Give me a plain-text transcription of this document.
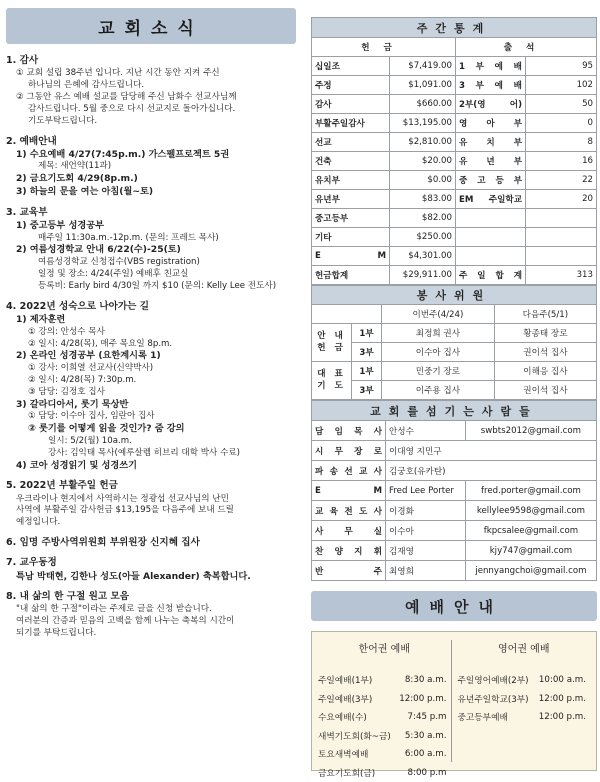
교회소식
1. 감사
① 교회 설립 38주년 입니다. 지난 시간 동안 지켜 주신
하나님의 은혜에 감사드립니다.
② 그동안 유스 예배 설교를 담당해 주신 남화수 선교사님께
감사드립니다. 5월 중으로 다시 선교지로 돌아가십니다.
기도부탁드립니다.
2. 예배안내
1) 수요예배 4/27(7:45p.m.) 가스펠프로젝트 5권
제목: 새언약(11과)
2) 금요기도회 4/29(8p.m.)
3) 하늘의 문을 여는 아침(월~토)
3. 교육부
1) 중고등부 성경공부
매주일 11:30a.m.-12p.m. (문의: 프레드 목사)
2) 여름성경학교 안내 6/22(수)-25(토)
여름성경학교 신청접수(VBS registration)
일정 및 장소: 4/24(주일) 예배후 친교실
등록비: Early bird 4/30일 까지 $10 (문의: Kelly Lee 전도사)
4. 2022년 성숙으로 나아가는 길
1) 제자훈련
① 강의: 안성수 목사
② 일시: 4/28(목), 매주 목요일 8p.m.
2) 온라인 성경공부 (요한계시록 1)
① 강사: 이희열 선교사(신약박사)
② 일시: 4/28(목) 7:30p.m.
③ 담당: 김정호 집사
3) 갈라디아서, 룻기 묵상반
① 담당: 이수아 집사, 임란아 집사
② 룻기를 어떻게 읽을 것인가? 줌 강의
일시: 5/2(월) 10a.m.
강사: 김익태 목사(예루살렘 히브리 대학 박사 수료)
4) 코아 성경읽기 및 성경쓰기
5. 2022년 부활주일 헌금
우크라이나 현지에서 사역하시는 정광섭 선교사님의 난민
사역에 부활주일 감사헌금 $13,195을 다음주에 보내 드릴
예정입니다.
6. 임명 주방사역위원회 부위원장 신지혜 집사
7. 교우동정
특남 박태현, 김한나 성도(아들 Alexander) 축복합니다.
8. 내 삶의 한 구절 원고 모음
"내 삶의 한 구절"이라는 주제로 글을 신청 받습니다.
여러분의 간증과 믿음의 고백을 함께 나누는 축복의 시간이
되기를 부탁드립니다.
주간통계			
헌금		출석	
십일조	$7,419.00	1 부 예 배	95
주정	$1,091.00	3 부 예 배	102
감사	$660.00	2부(영 어)	50
부활주일감사	$13,195.00	영 아 부	0
선교	$2,810.00	유 치 부	8
건축	$20.00	유 년 부	16
유치부	$0.00	중 고 등 부	22
유년부	$83.00	EM 주일학교	20
중고등부	$82.00		
기타	$250.00		
E M	$4,301.00		
헌금합계	$29,911.00	주 일 합 계	313
봉사위원			
		이번주(4/24)	다음주(5/1)
안 내 헌 금	1부	최정희 권사	황종태 장로
	3부	이수아 집사	권이석 집사
대 표 기 도	1부	민중기 장로	이해응 집사
	3부	이주용 집사	권이석 집사
교회를섬기는사람들		
담 임 목 사	안성수	swbts2012@gmail.com
시 무 장 로	이대영 지민구	
파 송 선 교 사	김궁호(유카탄)	
E M	Fred Lee Porter	fred.porter@gmail.com
교 육 전 도 사	이경화	kellylee9598@gmail.com
사 무 실	이수아	fkpcsalee@gmail.com
찬 양 지 휘	김재영	kjy747@gmail.com
반 주	최영희	jennyangchoi@gmail.com
예배안내
한어권 예배
주일예배(1부)	8:30 a.m.
주일예배(3부)	12:00 p.m.
수요예배(수)	7:45 p.m
새벽기도회(화~금) 5:30 a.m.
토요새벽예배	6:00 a.m.
금요기도회(금)	8:00 p.m
영어권 예배
주일영어예배(2부) 10:00 a.m.
유년주일학교(3부) 12:00 p.m.
중고등부예배	12:00 p.m.
